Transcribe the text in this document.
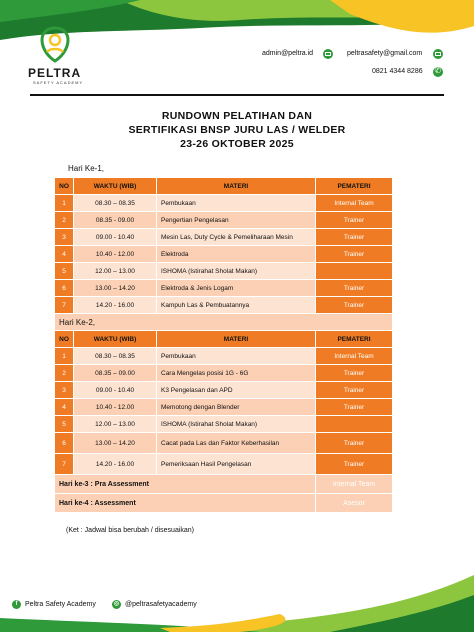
PELTRA
SAFETY ACADEMY
admin@peltra.id	peltrasafety@gmail.com
0821 4344 8286
✆
RUNDOWN PELATIHAN DAN
SERTIFIKASI BNSP JURU LAS / WELDER
23-26 OKTOBER 2025
Hari Ke-1,
NO	WAKTU (WIB)	MATERI	PEMATERI
1	08.30 – 08.35	Pembukaan	Internal Team
2	08.35 - 09.00	Pengertian Pengelasan	Trainer
3	09.00 - 10.40	Mesin Las, Duty Cycle & Pemeliharaan Mesin	Trainer
4	10.40 - 12.00	Elektroda	Trainer
5	12.00 – 13.00	ISHOMA (Istirahat Sholat Makan)	
6	13.00 – 14.20	Elektroda & Jenis Logam	Trainer
7	14.20 - 16.00	Kampuh Las & Pembuatannya	Trainer
Hari Ke-2,			
NO	WAKTU (WIB)	MATERI	PEMATERI
1	08.30 – 08.35	Pembukaan	Internal Team
2	08.35 – 09.00	Cara Mengelas posisi 1G - 6G	Trainer
3	09.00 - 10.40	K3 Pengelasan dan APD	Trainer
4	10.40 - 12.00	Memotong dengan Blender	Trainer
5	12.00 – 13.00	ISHOMA (Istirahat Sholat Makan)	
6	13.00 – 14.20	Cacat pada Las dan Faktor Keberhasilan	Trainer
7	14.20 - 16.00	Pemeriksaan Hasil Pengelasan	Trainer
Hari ke-3 : Pra Assessment			Internal Team
Hari ke-4 : Assessment			Asesor
(Ket : Jadwal bisa berubah / disesuaikan)
f	Peltra Safety Academy	◎ @peltrasafetyacademy
